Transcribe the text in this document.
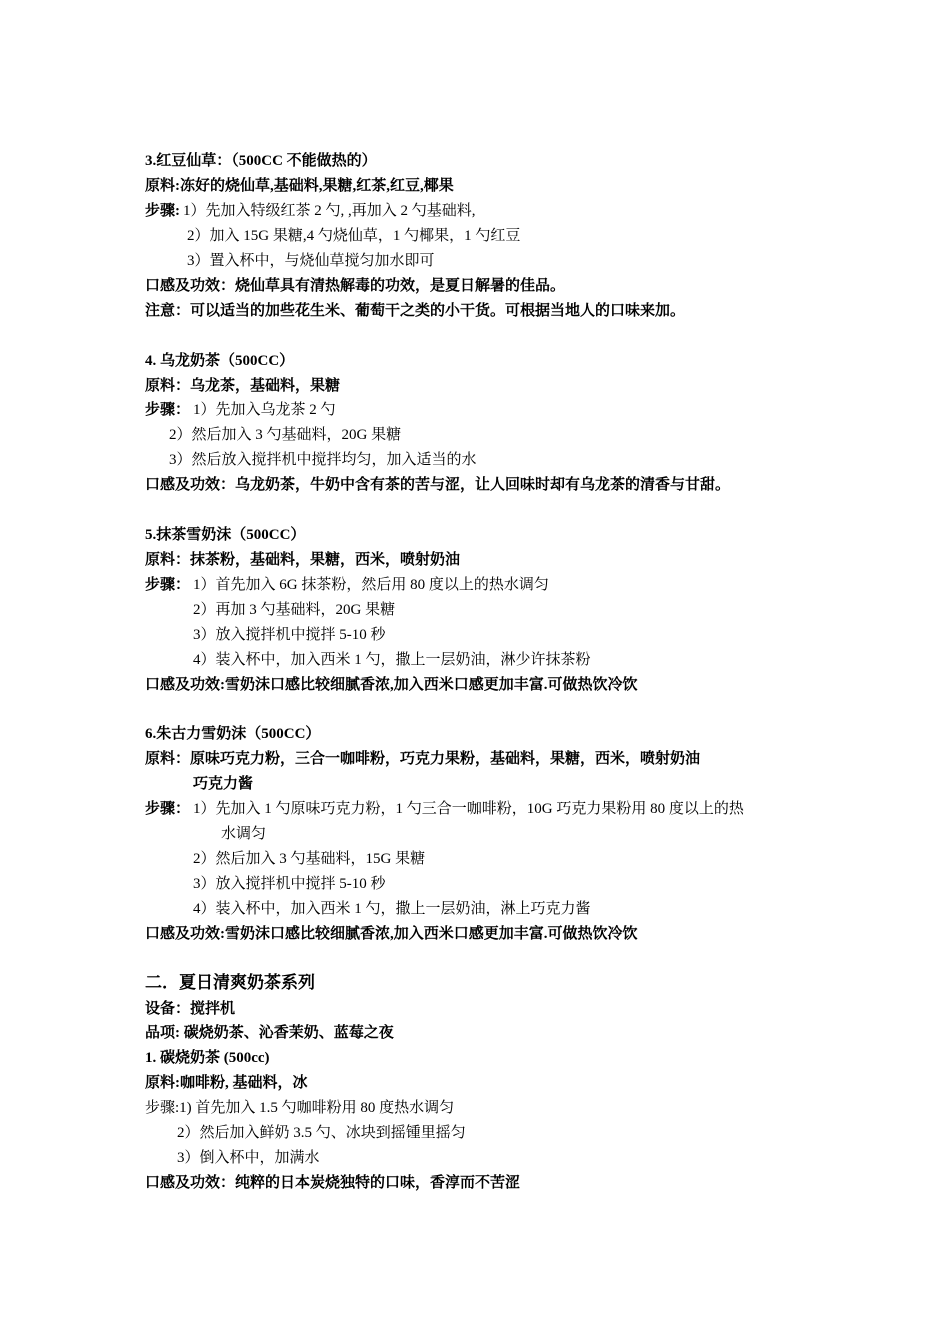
3.红豆仙草：（500CC 不能做热的）
原料:冻好的烧仙草,基础料,果糖,红茶,红豆,椰果
步骤: 1）先加入特级红茶 2 勺, ,再加入 2 勺基础料,
2）加入 15G 果糖,4 勺烧仙草，1 勺椰果，1 勺红豆
3）置入杯中，与烧仙草搅匀加水即可
口感及功效：烧仙草具有清热解毒的功效，是夏日解暑的佳品。
注意：可以适当的加些花生米、葡萄干之类的小干货。可根据当地人的口味来加。
4. 乌龙奶茶（500CC）
原料：乌龙茶，基础料，果糖
步骤： 1）先加入乌龙茶 2 勺
2）然后加入 3 勺基础料，20G 果糖
3）然后放入搅拌机中搅拌均匀，加入适当的水
口感及功效：乌龙奶茶，牛奶中含有茶的苦与涩，让人回味时却有乌龙茶的清香与甘甜。
5.抹茶雪奶沫（500CC）
原料：抹茶粉，基础料，果糖，西米，喷射奶油
步骤： 1）首先加入 6G 抹茶粉，然后用 80 度以上的热水调匀
2）再加 3 勺基础料，20G 果糖
3）放入搅拌机中搅拌 5-10 秒
4）装入杯中，加入西米 1 勺，撒上一层奶油，淋少许抹茶粉
口感及功效:雪奶沫口感比较细腻香浓,加入西米口感更加丰富.可做热饮冷饮
6.朱古力雪奶沫（500CC）
原料：原味巧克力粉，三合一咖啡粉，巧克力果粉，基础料，果糖，西米，喷射奶油
巧克力酱
步骤： 1）先加入 1 勺原味巧克力粉，1 勺三合一咖啡粉，10G 巧克力果粉用 80 度以上的热
水调匀
2）然后加入 3 勺基础料，15G 果糖
3）放入搅拌机中搅拌 5-10 秒
4）装入杯中，加入西米 1 勺，撒上一层奶油，淋上巧克力酱
口感及功效:雪奶沫口感比较细腻香浓,加入西米口感更加丰富.可做热饮冷饮
二．夏日清爽奶茶系列
设备：搅拌机
品项: 碳烧奶茶、沁香茉奶、蓝莓之夜
1. 碳烧奶茶 (500cc)
原料:咖啡粉, 基础料，冰
步骤:1) 首先加入 1.5 勺咖啡粉用 80 度热水调匀
2）然后加入鲜奶 3.5 勺、冰块到摇锺里摇匀
3）倒入杯中，加满水
口感及功效：纯粹的日本炭烧独特的口味，香淳而不苦涩
